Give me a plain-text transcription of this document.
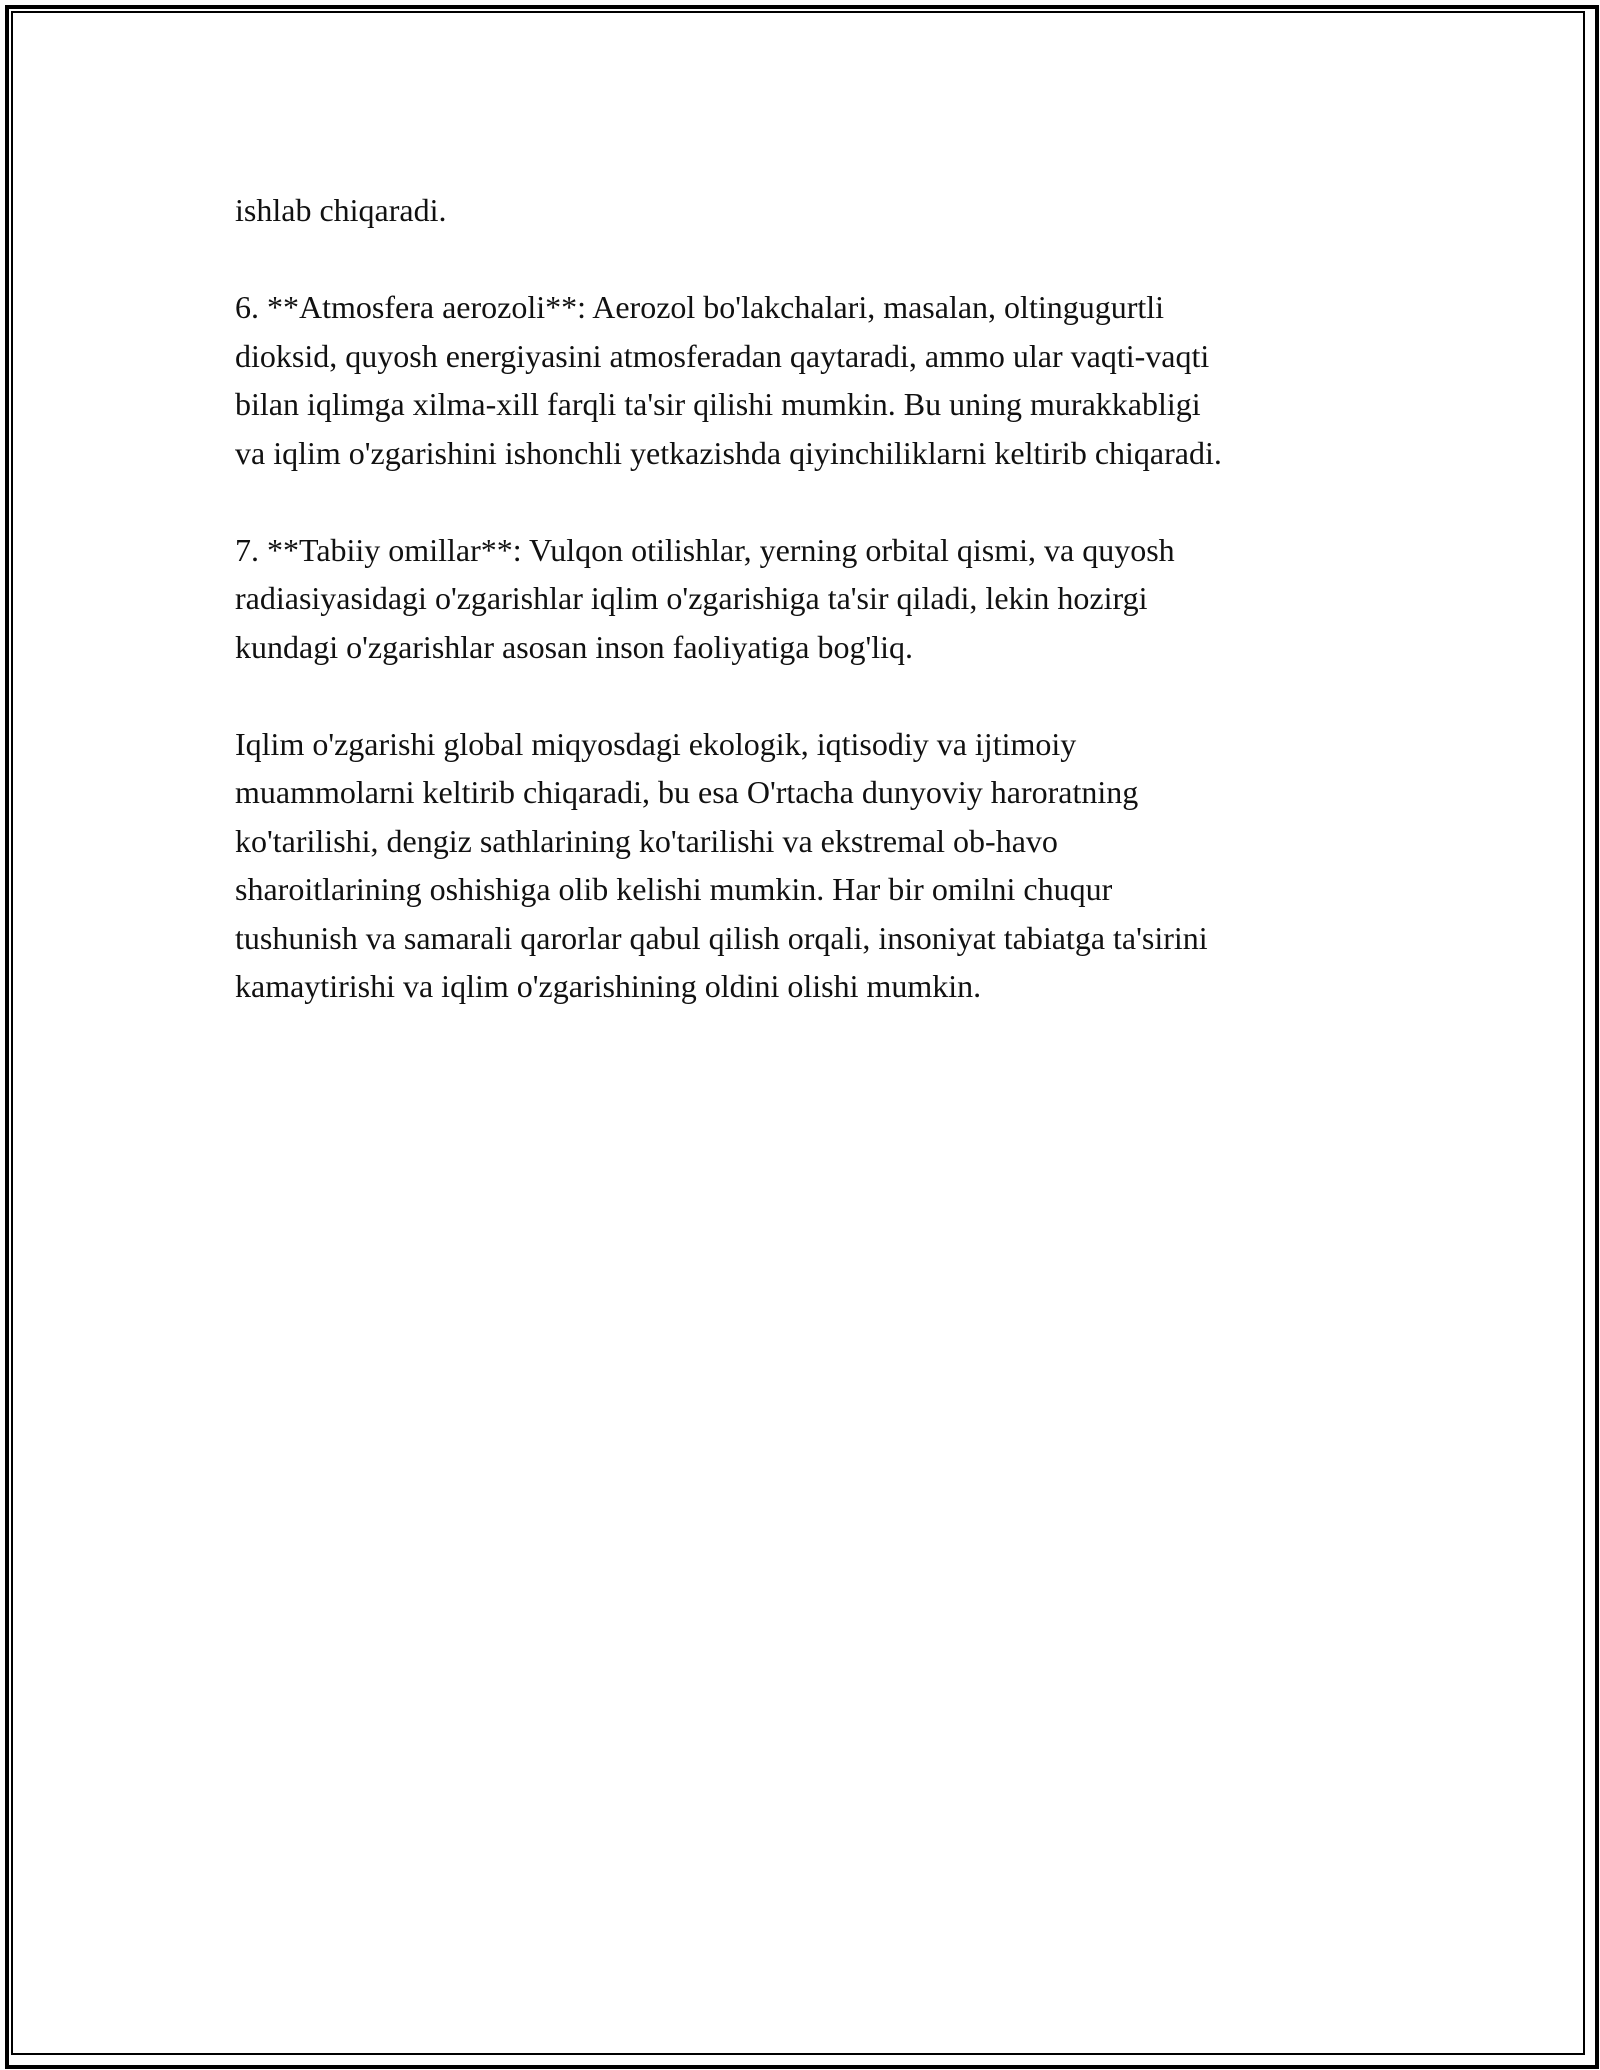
ishlab chiqaradi.

6. **Atmosfera aerozoli**: Aerozol bo'lakchalari, masalan, oltingugurtli
dioksid, quyosh energiyasini atmosferadan qaytaradi, ammo ular vaqti-vaqti
bilan iqlimga xilma-xill farqli ta'sir qilishi mumkin. Bu uning murakkabligi
va iqlim o'zgarishini ishonchli yetkazishda qiyinchiliklarni keltirib chiqaradi.

7. **Tabiiy omillar**: Vulqon otilishlar, yerning orbital qismi, va quyosh
radiasiyasidagi o'zgarishlar iqlim o'zgarishiga ta'sir qiladi, lekin hozirgi
kundagi o'zgarishlar asosan inson faoliyatiga bog'liq.

Iqlim o'zgarishi global miqyosdagi ekologik, iqtisodiy va ijtimoiy
muammolarni keltirib chiqaradi, bu esa O'rtacha dunyoviy haroratning
ko'tarilishi, dengiz sathlarining ko'tarilishi va ekstremal ob-havo
sharoitlarining oshishiga olib kelishi mumkin. Har bir omilni chuqur
tushunish va samarali qarorlar qabul qilish orqali, insoniyat tabiatga ta'sirini
kamaytirishi va iqlim o'zgarishining oldini olishi mumkin.
